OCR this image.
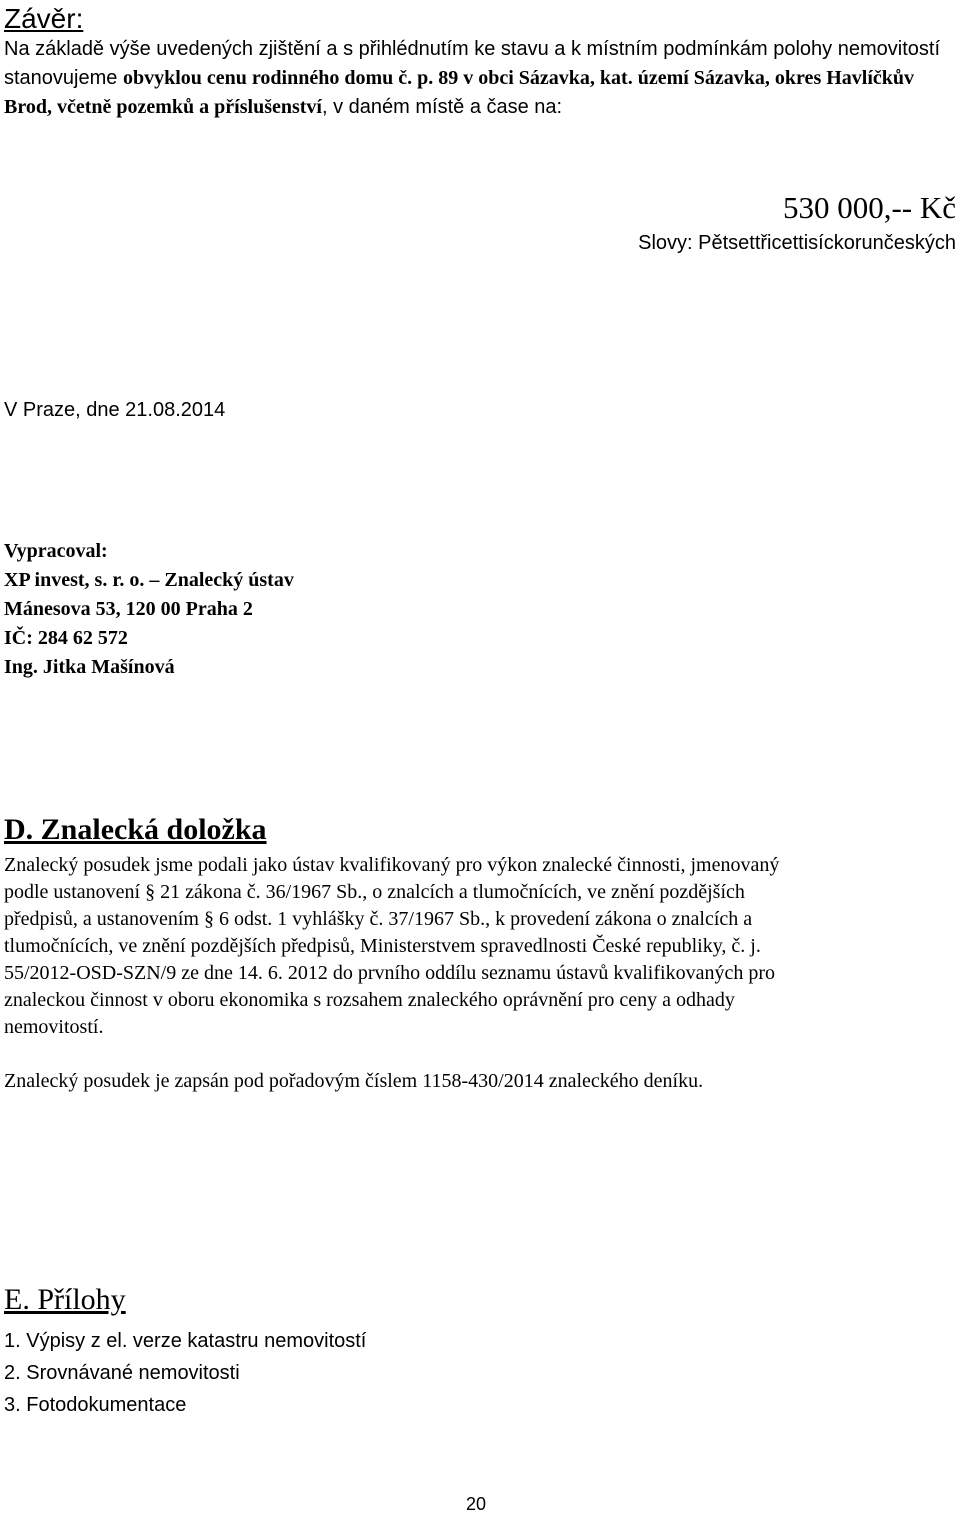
Závěr:

Na základě výše uvedených zjištění a s přihlédnutím ke stavu a k místním podmínkám polohy nemovitostí stanovujeme obvyklou cenu rodinného domu č. p. 89 v obci Sázavka, kat. území Sázavka, okres Havlíčkův Brod, včetně pozemků a příslušenství, v daném místě a čase na:

530 000,-- Kč
Slovy: Pětsettřicettisíckorunčeských
V Praze, dne 21.08.2014
Vypracoval:
XP invest, s. r. o. – Znalecký ústav
Mánesova 53, 120 00 Praha 2
IČ: 284 62 572
Ing. Jitka Mašínová
D. Znalecká doložka
Znalecký posudek jsme podali jako ústav kvalifikovaný pro výkon znalecké činnosti, jmenovaný
podle ustanovení § 21 zákona č. 36/1967 Sb., o znalcích a tlumočnících, ve znění pozdějších
předpisů, a ustanovením § 6 odst. 1 vyhlášky č. 37/1967 Sb., k provedení zákona o znalcích a
tlumočnících, ve znění pozdějších předpisů, Ministerstvem spravedlnosti České republiky, č. j.
55/2012-OSD-SZN/9 ze dne 14. 6. 2012 do prvního oddílu seznamu ústavů kvalifikovaných pro
znaleckou činnost v oboru ekonomika s rozsahem znaleckého oprávnění pro ceny a odhady
nemovitostí.
Znalecký posudek je zapsán pod pořadovým číslem 1158-430/2014 znaleckého deníku.
E. Přílohy
1. Výpisy z el. verze katastru nemovitostí
2. Srovnávané nemovitosti
3. Fotodokumentace
20
